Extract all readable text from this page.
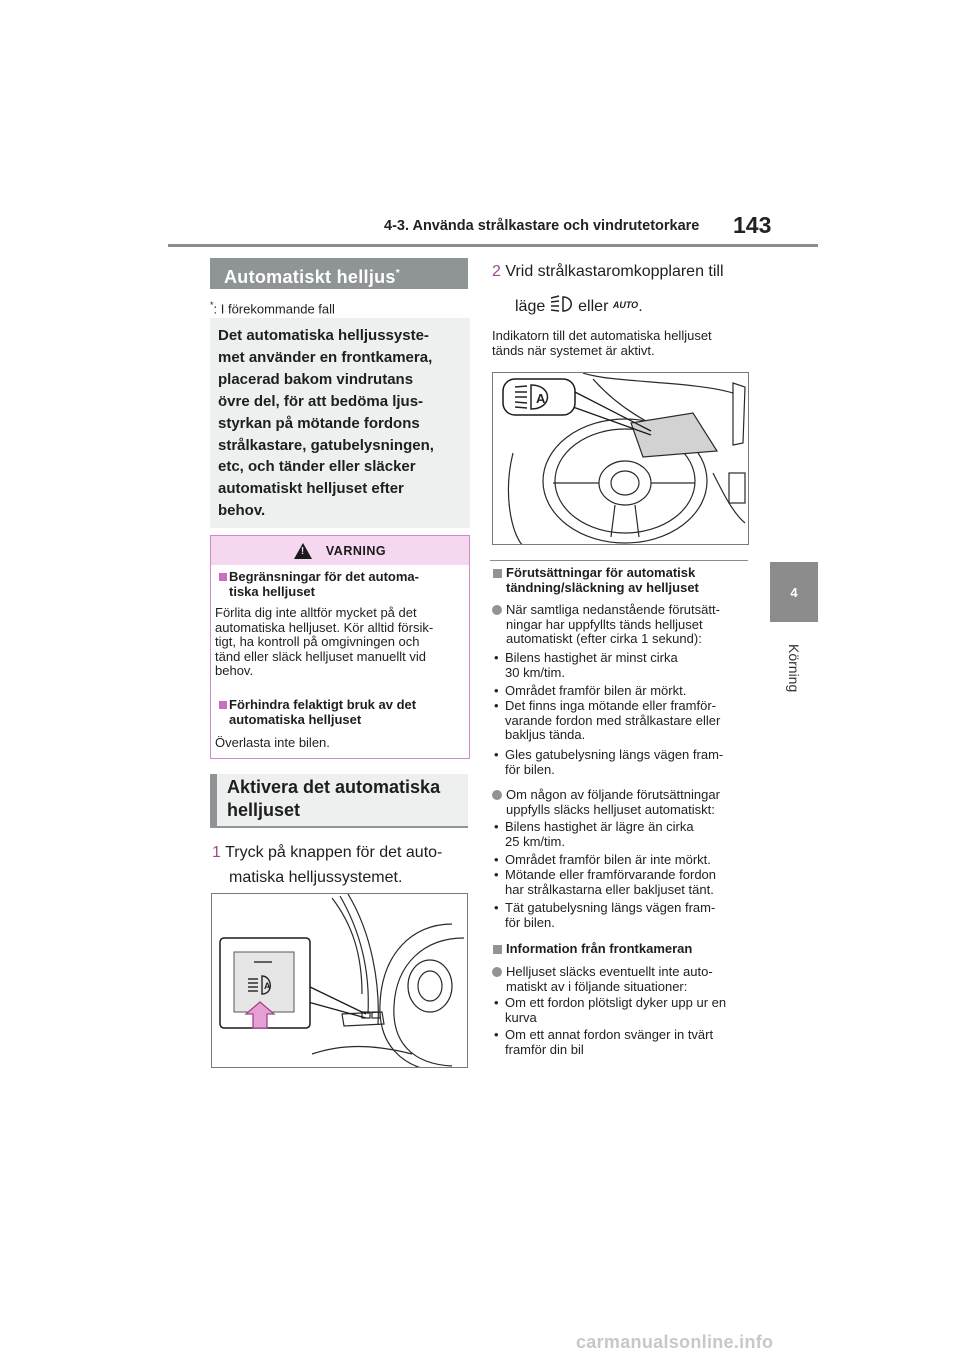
4-3. Använda strålkastare och vindrutetorkare 143
4
Körning
Automatiskt helljus*
*: I förekommande fall

Det automatiska helljussyste-

met använder en frontkamera,

placerad bakom vindrutans

övre del, för att bedöma ljus-

styrkan på mötande fordons

strålkastare, gatubelysningen,

etc, och tänder eller släcker

automatiskt helljuset efter

behov.

!
VARNING
Begränsningar för det automa-
tiska helljuset
Förlita dig inte alltför mycket på det
automatiska helljuset. Kör alltid försik-
tigt, ha kontroll på omgivningen och
tänd eller släck helljuset manuellt vid
behov.
Förhindra felaktigt bruk av det
automatiska helljuset
Överlasta inte bilen.

Aktivera det automatiska

helljuset

1 Tryck på knappen för det auto-
matiska helljussystemet.
A
2 Vrid strålkastaromkopplaren till
läge eller AUTO.
Indikatorn till det automatiska helljuset
tänds när systemet är aktivt.
A
Förutsättningar för automatisk
tändning/släckning av helljuset
När samtliga nedanstående förutsätt-
ningar har uppfyllts tänds helljuset
automatiskt (efter cirka 1 sekund):
• Bilens hastighet är minst cirka
30 km/tim.
• Området framför bilen är mörkt.
• Det finns inga mötande eller framför-
varande fordon med strålkastare eller
bakljus tända.
• Gles gatubelysning längs vägen fram-
för bilen.
Om någon av följande förutsättningar
uppfylls släcks helljuset automatiskt:
• Bilens hastighet är lägre än cirka
25 km/tim.
• Området framför bilen är inte mörkt.
• Mötande eller framförvarande fordon
har strålkastarna eller bakljuset tänt.
• Tät gatubelysning längs vägen fram-
för bilen.
Information från frontkameran
Helljuset släcks eventuellt inte auto-
matiskt av i följande situationer:
• Om ett fordon plötsligt dyker upp ur en
kurva
• Om ett annat fordon svänger in tvärt
framför din bil
carmanualsonline.info
